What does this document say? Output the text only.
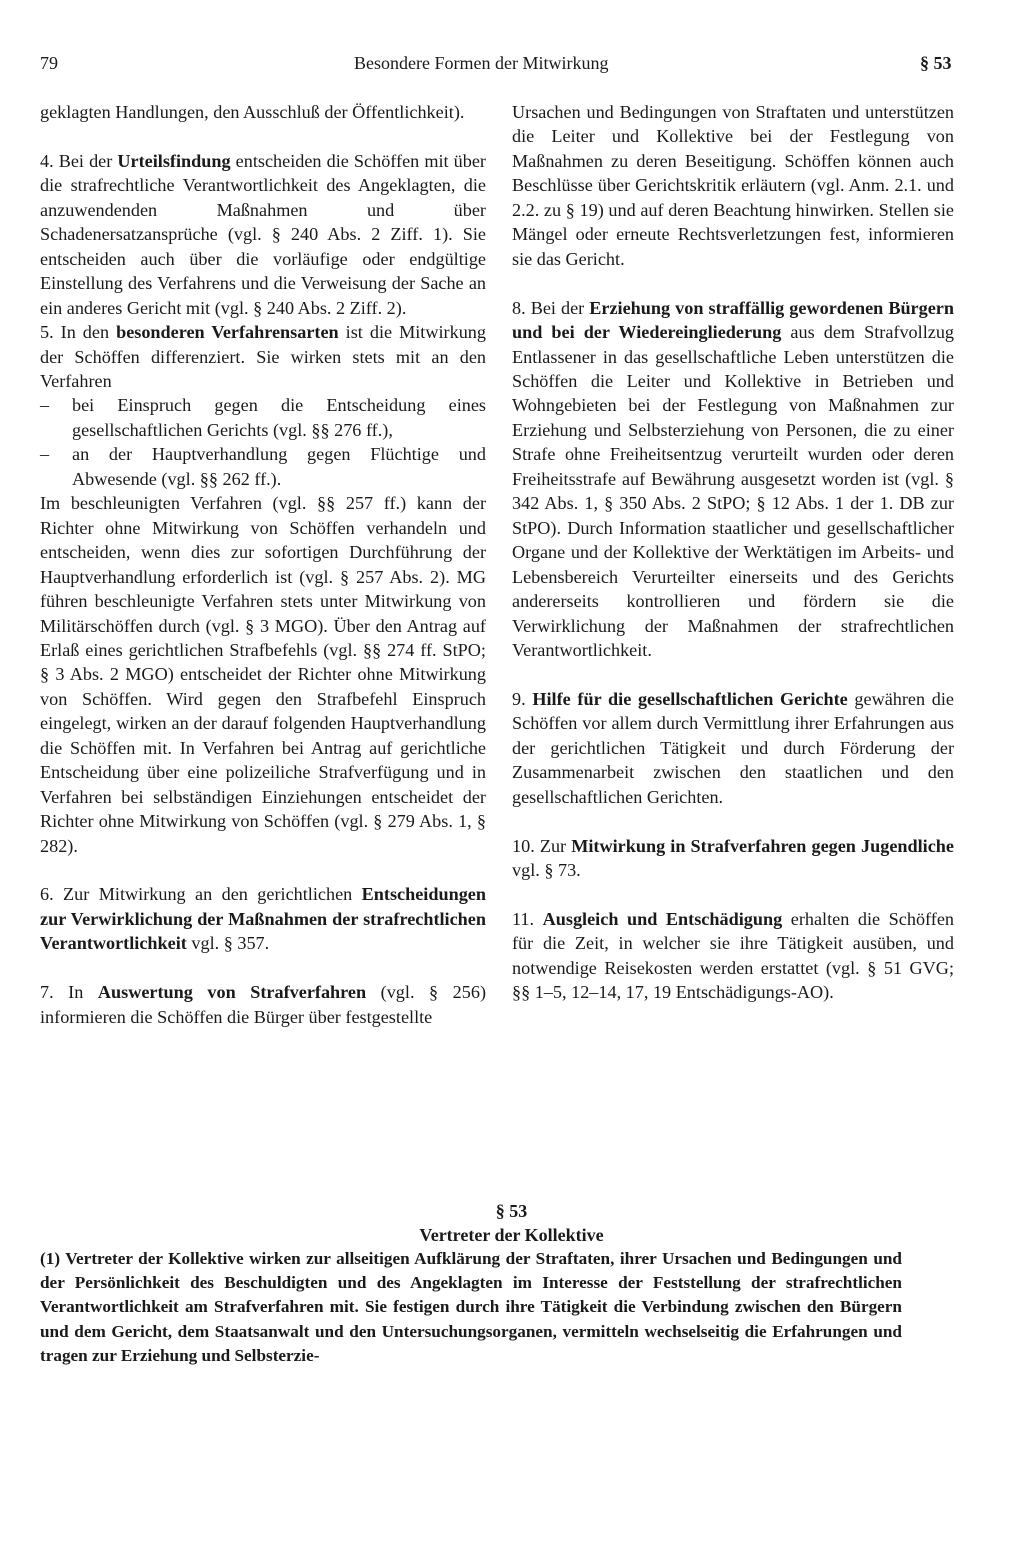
79	Besondere Formen der Mitwirkung	§ 53

geklagten Handlungen, den Ausschluß der Öffentlichkeit).

4. Bei der Urteilsfindung entscheiden die Schöffen mit über die strafrechtliche Verantwortlichkeit des Angeklagten, die anzuwendenden Maßnahmen und über Schadenersatzansprüche (vgl. § 240 Abs. 2 Ziff. 1). Sie entscheiden auch über die vorläufige oder endgültige Einstellung des Verfahrens und die Verweisung der Sache an ein anderes Gericht mit (vgl. § 240 Abs. 2 Ziff. 2).

5. In den besonderen Verfahrensarten ist die Mitwirkung der Schöffen differenziert. Sie wirken stets mit an den Verfahren

– bei Einspruch gegen die Entscheidung eines gesellschaftlichen Gerichts (vgl. §§ 276 ff.),

– an der Hauptverhandlung gegen Flüchtige und Abwesende (vgl. §§ 262 ff.).

Im beschleunigten Verfahren (vgl. §§ 257 ff.) kann der Richter ohne Mitwirkung von Schöffen verhandeln und entscheiden, wenn dies zur sofortigen Durchführung der Hauptverhandlung erforderlich ist (vgl. § 257 Abs. 2). MG führen beschleunigte Verfahren stets unter Mitwirkung von Militärschöffen durch (vgl. § 3 MGO). Über den Antrag auf Erlaß eines gerichtlichen Strafbefehls (vgl. §§ 274 ff. StPO; § 3 Abs. 2 MGO) entscheidet der Richter ohne Mitwirkung von Schöffen. Wird gegen den Strafbefehl Einspruch eingelegt, wirken an der darauf folgenden Hauptverhandlung die Schöffen mit. In Verfahren bei Antrag auf gerichtliche Entscheidung über eine polizeiliche Strafverfügung und in Verfahren bei selbständigen Einziehungen entscheidet der Richter ohne Mitwirkung von Schöffen (vgl. § 279 Abs. 1, § 282).

6. Zur Mitwirkung an den gerichtlichen Entscheidungen zur Verwirklichung der Maßnahmen der strafrechtlichen Verantwortlichkeit vgl. § 357.

7. In Auswertung von Strafverfahren (vgl. § 256) informieren die Schöffen die Bürger über festgestellte

Ursachen und Bedingungen von Straftaten und unterstützen die Leiter und Kollektive bei der Festlegung von Maßnahmen zu deren Beseitigung. Schöffen können auch Beschlüsse über Gerichtskritik erläutern (vgl. Anm. 2.1. und 2.2. zu § 19) und auf deren Beachtung hinwirken. Stellen sie Mängel oder erneute Rechtsverletzungen fest, informieren sie das Gericht.

8. Bei der Erziehung von straffällig gewordenen Bürgern und bei der Wiedereingliederung aus dem Strafvollzug Entlassener in das gesellschaftliche Leben unterstützen die Schöffen die Leiter und Kollektive in Betrieben und Wohngebieten bei der Festlegung von Maßnahmen zur Erziehung und Selbsterziehung von Personen, die zu einer Strafe ohne Freiheitsentzug verurteilt wurden oder deren Freiheitsstrafe auf Bewährung ausgesetzt worden ist (vgl. § 342 Abs. 1, § 350 Abs. 2 StPO; § 12 Abs. 1 der 1. DB zur StPO). Durch Information staatlicher und gesellschaftlicher Organe und der Kollektive der Werktätigen im Arbeits- und Lebensbereich Verurteilter einerseits und des Gerichts andererseits kontrollieren und fördern sie die Verwirklichung der Maßnahmen der strafrechtlichen Verantwortlichkeit.

9. Hilfe für die gesellschaftlichen Gerichte gewähren die Schöffen vor allem durch Vermittlung ihrer Erfahrungen aus der gerichtlichen Tätigkeit und durch Förderung der Zusammenarbeit zwischen den staatlichen und den gesellschaftlichen Gerichten.

10. Zur Mitwirkung in Strafverfahren gegen Jugendliche vgl. § 73.

11. Ausgleich und Entschädigung erhalten die Schöffen für die Zeit, in welcher sie ihre Tätigkeit ausüben, und notwendige Reisekosten werden erstattet (vgl. § 51 GVG; §§ 1–5, 12–14, 17, 19 Entschädigungs-AO).

§ 53
Vertreter der Kollektive

(1) Vertreter der Kollektive wirken zur allseitigen Aufklärung der Straftaten, ihrer Ursachen und Bedingungen und der Persönlichkeit des Beschuldigten und des Angeklagten im Interesse der Feststellung der strafrechtlichen Verantwortlichkeit am Strafverfahren mit. Sie festigen durch ihre Tätigkeit die Verbindung zwischen den Bürgern und dem Gericht, dem Staatsanwalt und den Untersuchungsorganen, vermitteln wechselseitig die Erfahrungen und tragen zur Erziehung und Selbsterzie-
